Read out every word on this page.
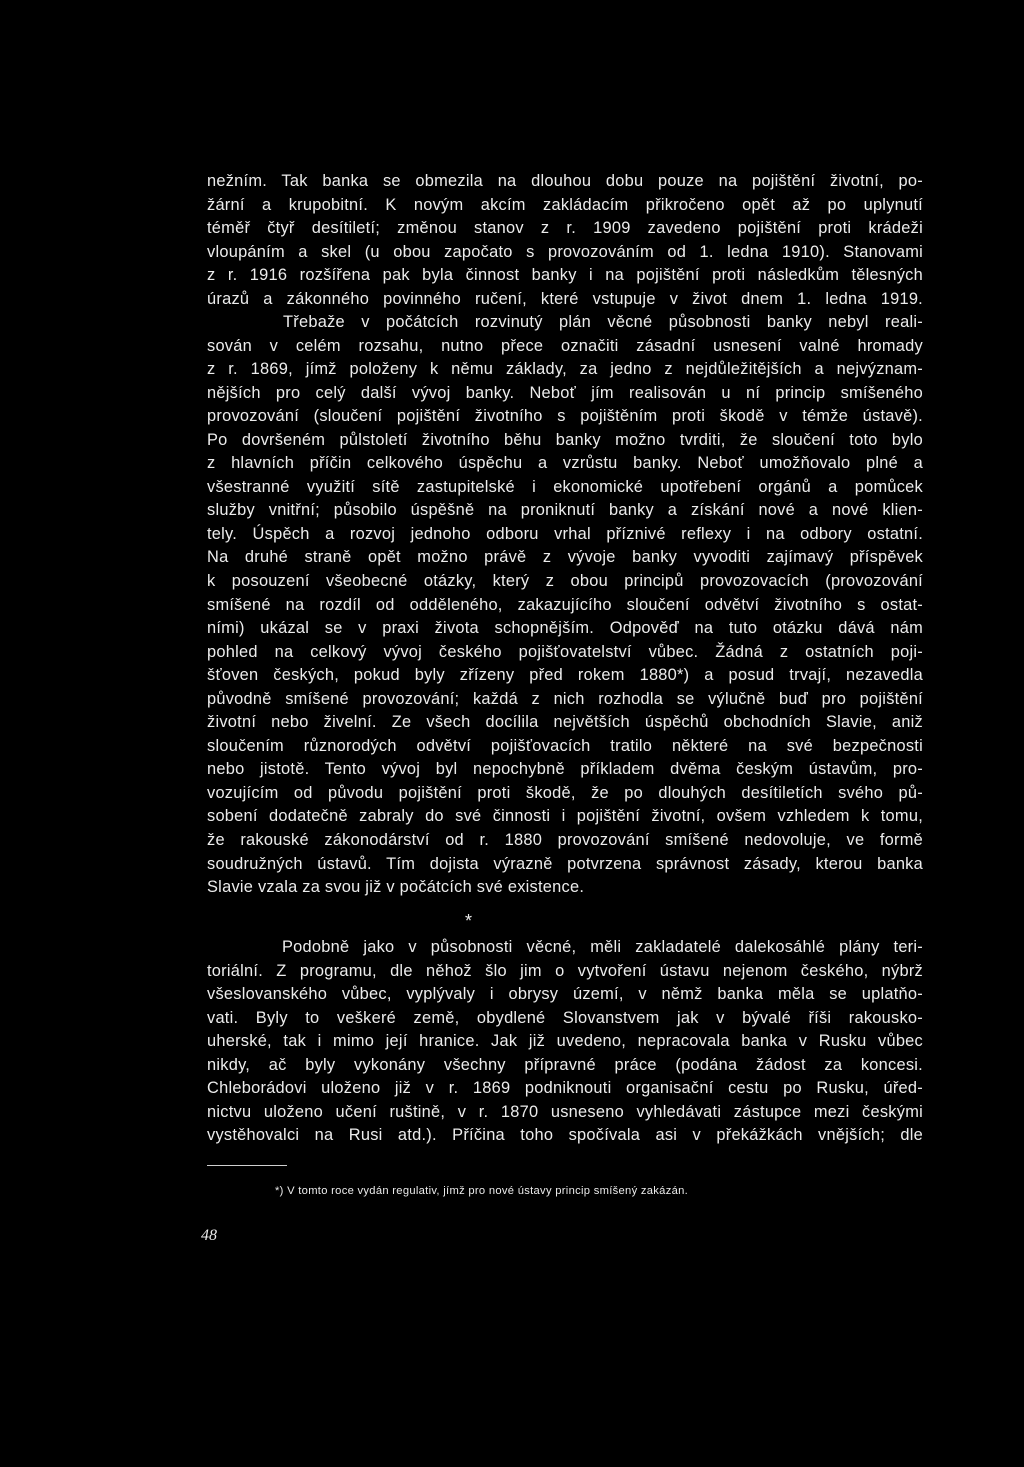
nežním. Tak banka se obmezila na dlouhou dobu pouze na pojištění životní, po-
žární a krupobitní. K novým akcím zakládacím přikročeno opět až po uplynutí
téměř čtyř desítiletí; změnou stanov z r. 1909 zavedeno pojištění proti krádeži
vloupáním a skel (u obou započato s provozováním od 1. ledna 1910). Stanovami
z r. 1916 rozšířena pak byla činnost banky i na pojištění proti následkům tělesných
úrazů a zákonného povinného ručení, které vstupuje v život dnem 1. ledna 1919.
Třebaže v počátcích rozvinutý plán věcné působnosti banky nebyl reali-
sován v celém rozsahu, nutno přece označiti zásadní usnesení valné hromady
z r. 1869, jímž položeny k němu základy, za jedno z nejdůležitějších a nejvýznam-
nějších pro celý další vývoj banky. Neboť jím realisován u ní princip smíšeného
provozování (sloučení pojištění životního s pojištěním proti škodě v témže ústavě).
Po dovršeném půlstoletí životního běhu banky možno tvrditi, že sloučení toto bylo
z hlavních příčin celkového úspěchu a vzrůstu banky. Neboť umožňovalo plné a
všestranné využití sítě zastupitelské i ekonomické upotřebení orgánů a pomůcek
služby vnitřní; působilo úspěšně na proniknutí banky a získání nové a nové klien-
tely. Úspěch a rozvoj jednoho odboru vrhal příznivé reflexy i na odbory ostatní.
Na druhé straně opět možno právě z vývoje banky vyvoditi zajímavý příspěvek
k posouzení všeobecné otázky, který z obou principů provozovacích (provozování
smíšené na rozdíl od odděleného, zakazujícího sloučení odvětví životního s ostat-
ními) ukázal se v praxi života schopnějším. Odpověď na tuto otázku dává nám
pohled na celkový vývoj českého pojišťovatelství vůbec. Žádná z ostatních poji-
šťoven českých, pokud byly zřízeny před rokem 1880*) a posud trvají, nezavedla
původně smíšené provozování; každá z nich rozhodla se výlučně buď pro pojištění
životní nebo živelní. Ze všech docílila největších úspěchů obchodních Slavie, aniž
sloučením různorodých odvětví pojišťovacích tratilo některé na své bezpečnosti
nebo jistotě. Tento vývoj byl nepochybně příkladem dvěma českým ústavům, pro-
vozujícím od původu pojištění proti škodě, že po dlouhých desítiletích svého pů-
sobení dodatečně zabraly do své činnosti i pojištění životní, ovšem vzhledem k tomu,
že rakouské zákonodárství od r. 1880 provozování smíšené nedovoluje, ve formě
soudružných ústavů. Tím dojista výrazně potvrzena správnost zásady, kterou banka
Slavie vzala za svou již v počátcích své existence.
*
Podobně jako v působnosti věcné, měli zakladatelé dalekosáhlé plány teri-
toriální. Z programu, dle něhož šlo jim o vytvoření ústavu nejenom českého, nýbrž
všeslovanského vůbec, vyplývaly i obrysy území, v němž banka měla se uplatňo-
vati. Byly to veškeré země, obydlené Slovanstvem jak v bývalé říši rakousko-
uherské, tak i mimo její hranice. Jak již uvedeno, nepracovala banka v Rusku vůbec
nikdy, ač byly vykonány všechny přípravné práce (podána žádost za koncesi.
Chleborádovi uloženo již v r. 1869 podniknouti organisační cestu po Rusku, úřed-
nictvu uloženo učení ruštině, v r. 1870 usneseno vyhledávati zástupce mezi českými
vystěhovalci na Rusi atd.). Příčina toho spočívala asi v překážkách vnějších; dle
*) V tomto roce vydán regulativ, jímž pro nové ústavy princip smíšený zakázán.
48
